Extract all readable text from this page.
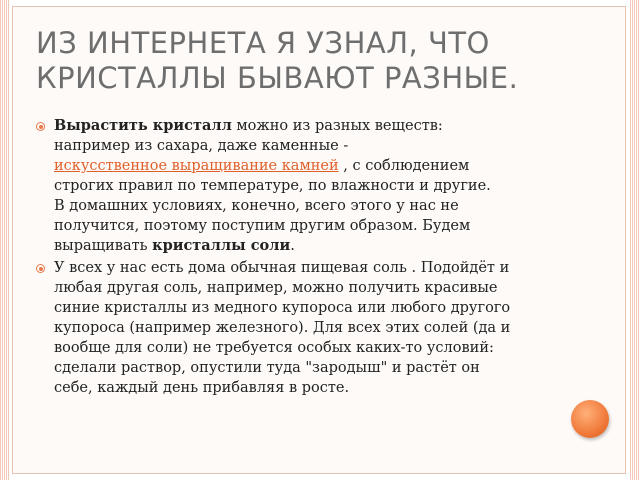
ИЗ ИНТЕРНЕТА Я УЗНАЛ, ЧТО
КРИСТАЛЛЫ БЫВАЮТ РАЗНЫЕ.
Вырастить кристалл можно из разных веществ:
например из сахара, даже каменные -
искусственное выращивание камней , с соблюдением
строгих правил по температуре, по влажности и другие.
В домашних условиях, конечно, всего этого у нас не
получится, поэтому поступим другим образом. Будем
выращивать кристаллы соли.
У всех у нас есть дома обычная пищевая соль . Подойдёт и
любая другая соль, например, можно получить красивые
синие кристаллы из медного купороса или любого другого
купороса (например железного). Для всех этих солей (да и
вообще для соли) не требуется особых каких-то условий:
сделали раствор, опустили туда "зародыш" и растёт он
себе, каждый день прибавляя в росте.
